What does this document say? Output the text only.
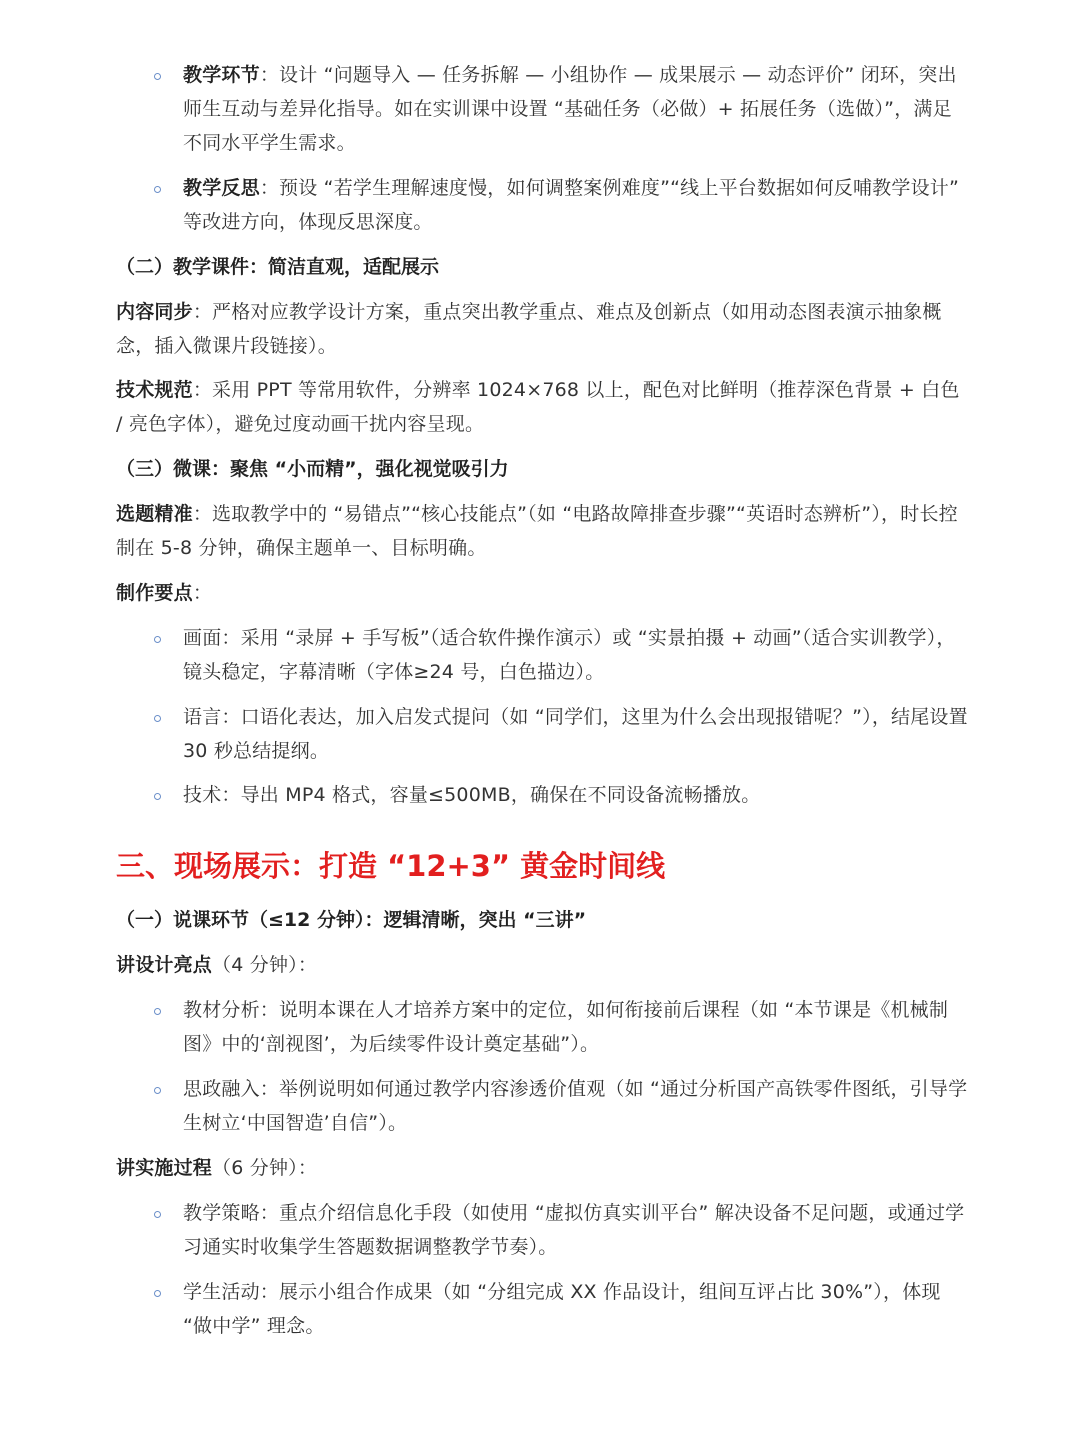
教学环节：设计 “问题导入 — 任务拆解 — 小组协作 — 成果展示 — 动态评价” 闭环，突出师生互动与差异化指导。如在实训课中设置 “基础任务（必做）+ 拓展任务（选做）”，满足不同水平学生需求。
教学反思：预设 “若学生理解速度慢，如何调整案例难度”“线上平台数据如何反哺教学设计” 等改进方向，体现反思深度。
（二）教学课件：简洁直观，适配展示
内容同步：严格对应教学设计方案，重点突出教学重点、难点及创新点（如用动态图表演示抽象概念，插入微课片段链接）。
技术规范：采用 PPT 等常用软件，分辨率 1024×768 以上，配色对比鲜明（推荐深色背景 + 白色 / 亮色字体），避免过度动画干扰内容呈现。
（三）微课：聚焦 “小而精”，强化视觉吸引力
选题精准：选取教学中的 “易错点”“核心技能点”（如 “电路故障排查步骤”“英语时态辨析”），时长控制在 5-8 分钟，确保主题单一、目标明确。
制作要点：
画面：采用 “录屏 + 手写板”（适合软件操作演示）或 “实景拍摄 + 动画”（适合实训教学），镜头稳定，字幕清晰（字体≥24 号，白色描边）。
语言：口语化表达，加入启发式提问（如 “同学们，这里为什么会出现报错呢？”），结尾设置 30 秒总结提纲。
技术：导出 MP4 格式，容量≤500MB，确保在不同设备流畅播放。
三、现场展示：打造 “12+3” 黄金时间线
（一）说课环节（≤12 分钟）：逻辑清晰，突出 “三讲”
讲设计亮点（4 分钟）：
教材分析：说明本课在人才培养方案中的定位，如何衔接前后课程（如 “本节课是《机械制图》中的‘剖视图’，为后续零件设计奠定基础”）。
思政融入：举例说明如何通过教学内容渗透价值观（如 “通过分析国产高铁零件图纸，引导学生树立‘中国智造’自信”）。
讲实施过程（6 分钟）：
教学策略：重点介绍信息化手段（如使用 “虚拟仿真实训平台” 解决设备不足问题，或通过学习通实时收集学生答题数据调整教学节奏）。
学生活动：展示小组合作成果（如 “分组完成 XX 作品设计，组间互评占比 30%”），体现 “做中学” 理念。
